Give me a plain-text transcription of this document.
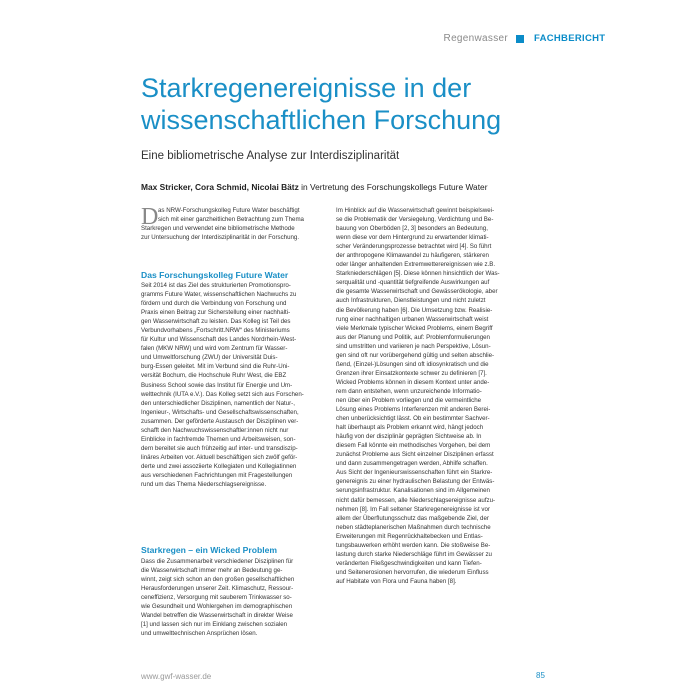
Regenwasser	FACHBERICHT
Starkregenereignisse in der wissenschaftlichen Forschung
Eine bibliometrische Analyse zur Interdisziplinarität
Max Stricker, Cora Schmid, Nicolai Bätz in Vertretung des Forschungskollegs Future Water
D as NRW-Forschungskolleg Future Water beschäftigt
sich mit einer ganzheitlichen Betrachtung zum Thema
Starkregen und verwendet eine bibliometrische Methode
zur Untersuchung der Interdisziplinarität in der Forschung.
Das Forschungskolleg Future Water
Seit 2014 ist das Ziel des strukturierten Promotionspro-
gramms Future Water, wissenschaftlichen Nachwuchs zu
fördern und durch die Verbindung von Forschung und
Praxis einen Beitrag zur Sicherstellung einer nachhalti-
gen Wasserwirtschaft zu leisten. Das Kolleg ist Teil des
Verbundvorhabens „Fortschritt.NRW“ des Ministeriums
für Kultur und Wissenschaft des Landes Nordrhein-West-
falen (MKW NRW) und wird vom Zentrum für Wasser-
und Umweltforschung (ZWU) der Universität Duis-
burg-Essen geleitet. Mit im Verbund sind die Ruhr-Uni-
versität Bochum, die Hochschule Ruhr West, die EBZ
Business School sowie das Institut für Energie und Um-
welttechnik (IUTA e.V.). Das Kolleg setzt sich aus Forschen-
den unterschiedlicher Disziplinen, namentlich der Natur-,
Ingenieur-, Wirtschafts- und Gesellschaftswissenschaften,
zusammen. Der geförderte Austausch der Disziplinen ver-
schafft den Nachwuchswissenschaftler:innen nicht nur
Einblicke in fachfremde Themen und Arbeitsweisen, son-
dern bereitet sie auch frühzeitig auf inter- und transdiszip-
linäres Arbeiten vor. Aktuell beschäftigen sich zwölf geför-
derte und zwei assoziierte Kollegiaten und Kollegiatinnen
aus verschiedenen Fachrichtungen mit Fragestellungen
rund um das Thema Niederschlagsereignisse.
Starkregen – ein Wicked Problem
Dass die Zusammenarbeit verschiedener Disziplinen für
die Wasserwirtschaft immer mehr an Bedeutung ge-
winnt, zeigt sich schon an den großen gesellschaftlichen
Herausforderungen unserer Zeit. Klimaschutz, Ressour-
ceneffizienz, Versorgung mit sauberem Trinkwasser so-
wie Gesundheit und Wohlergehen im demographischen
Wandel betreffen die Wasserwirtschaft in direkter Weise
[1] und lassen sich nur im Einklang zwischen sozialen
und umwelttechnischen Ansprüchen lösen.
Im Hinblick auf die Wasserwirtschaft gewinnt beispielswei-
se die Problematik der Versiegelung, Verdichtung und Be-
bauung von Oberböden [2, 3] besonders an Bedeutung,
wenn diese vor dem Hintergrund zu erwartender klimati-
scher Veränderungsprozesse betrachtet wird [4]. So führt
der anthropogene Klimawandel zu häufigeren, stärkeren
oder länger anhaltenden Extremwetterereignissen wie z.B.
Starkniederschlägen [5]. Diese können hinsichtlich der Was-
serqualität und -quantität tiefgreifende Auswirkungen auf
die gesamte Wasserwirtschaft und Gewässerökologie, aber
auch Infrastrukturen, Dienstleistungen und nicht zuletzt
die Bevölkerung haben [6]. Die Umsetzung bzw. Realisie-
rung einer nachhaltigen urbanen Wasserwirtschaft weist
viele Merkmale typischer Wicked Problems, einem Begriff
aus der Planung und Politik, auf: Problemformulierungen
sind umstritten und variieren je nach Perspektive, Lösun-
gen sind oft nur vorübergehend gültig und selten abschlie-
ßend, (Einzel-)Lösungen sind oft idiosynkratisch und die
Grenzen ihrer Einsatzkontexte schwer zu definieren [7].
Wicked Problems können in diesem Kontext unter ande-
rem dann entstehen, wenn unzureichende Informatio-
nen über ein Problem vorliegen und die vermeintliche
Lösung eines Problems Interferenzen mit anderen Berei-
chen unberücksichtigt lässt. Ob ein bestimmter Sachver-
halt überhaupt als Problem erkannt wird, hängt jedoch
häufig von der disziplinär geprägten Sichtweise ab. In
diesem Fall könnte ein methodisches Vorgehen, bei dem
zunächst Probleme aus Sicht einzelner Disziplinen erfasst
und dann zusammengetragen werden, Abhilfe schaffen.
Aus Sicht der Ingenieurswissenschaften führt ein Starkre-
genereignis zu einer hydraulischen Belastung der Entwäs-
serungsinfrastruktur. Kanalisationen sind im Allgemeinen
nicht dafür bemessen, alle Niederschlagsereignisse aufzu-
nehmen [8]. Im Fall seltener Starkregenereignisse ist vor
allem der Überflutungsschutz das maßgebende Ziel, der
neben städteplanerischen Maßnahmen durch technische
Erweiterungen mit Regenrückhaltebecken und Entlas-
tungsbauwerken erhöht werden kann. Die stoßweise Be-
lastung durch starke Niederschläge führt im Gewässer zu
veränderten Fließgeschwindigkeiten und kann Tiefen-
und Seitenerosionen hervorrufen, die wiederum Einfluss
auf Habitate von Flora und Fauna haben [8].
www.gwf-wasser.de	85
